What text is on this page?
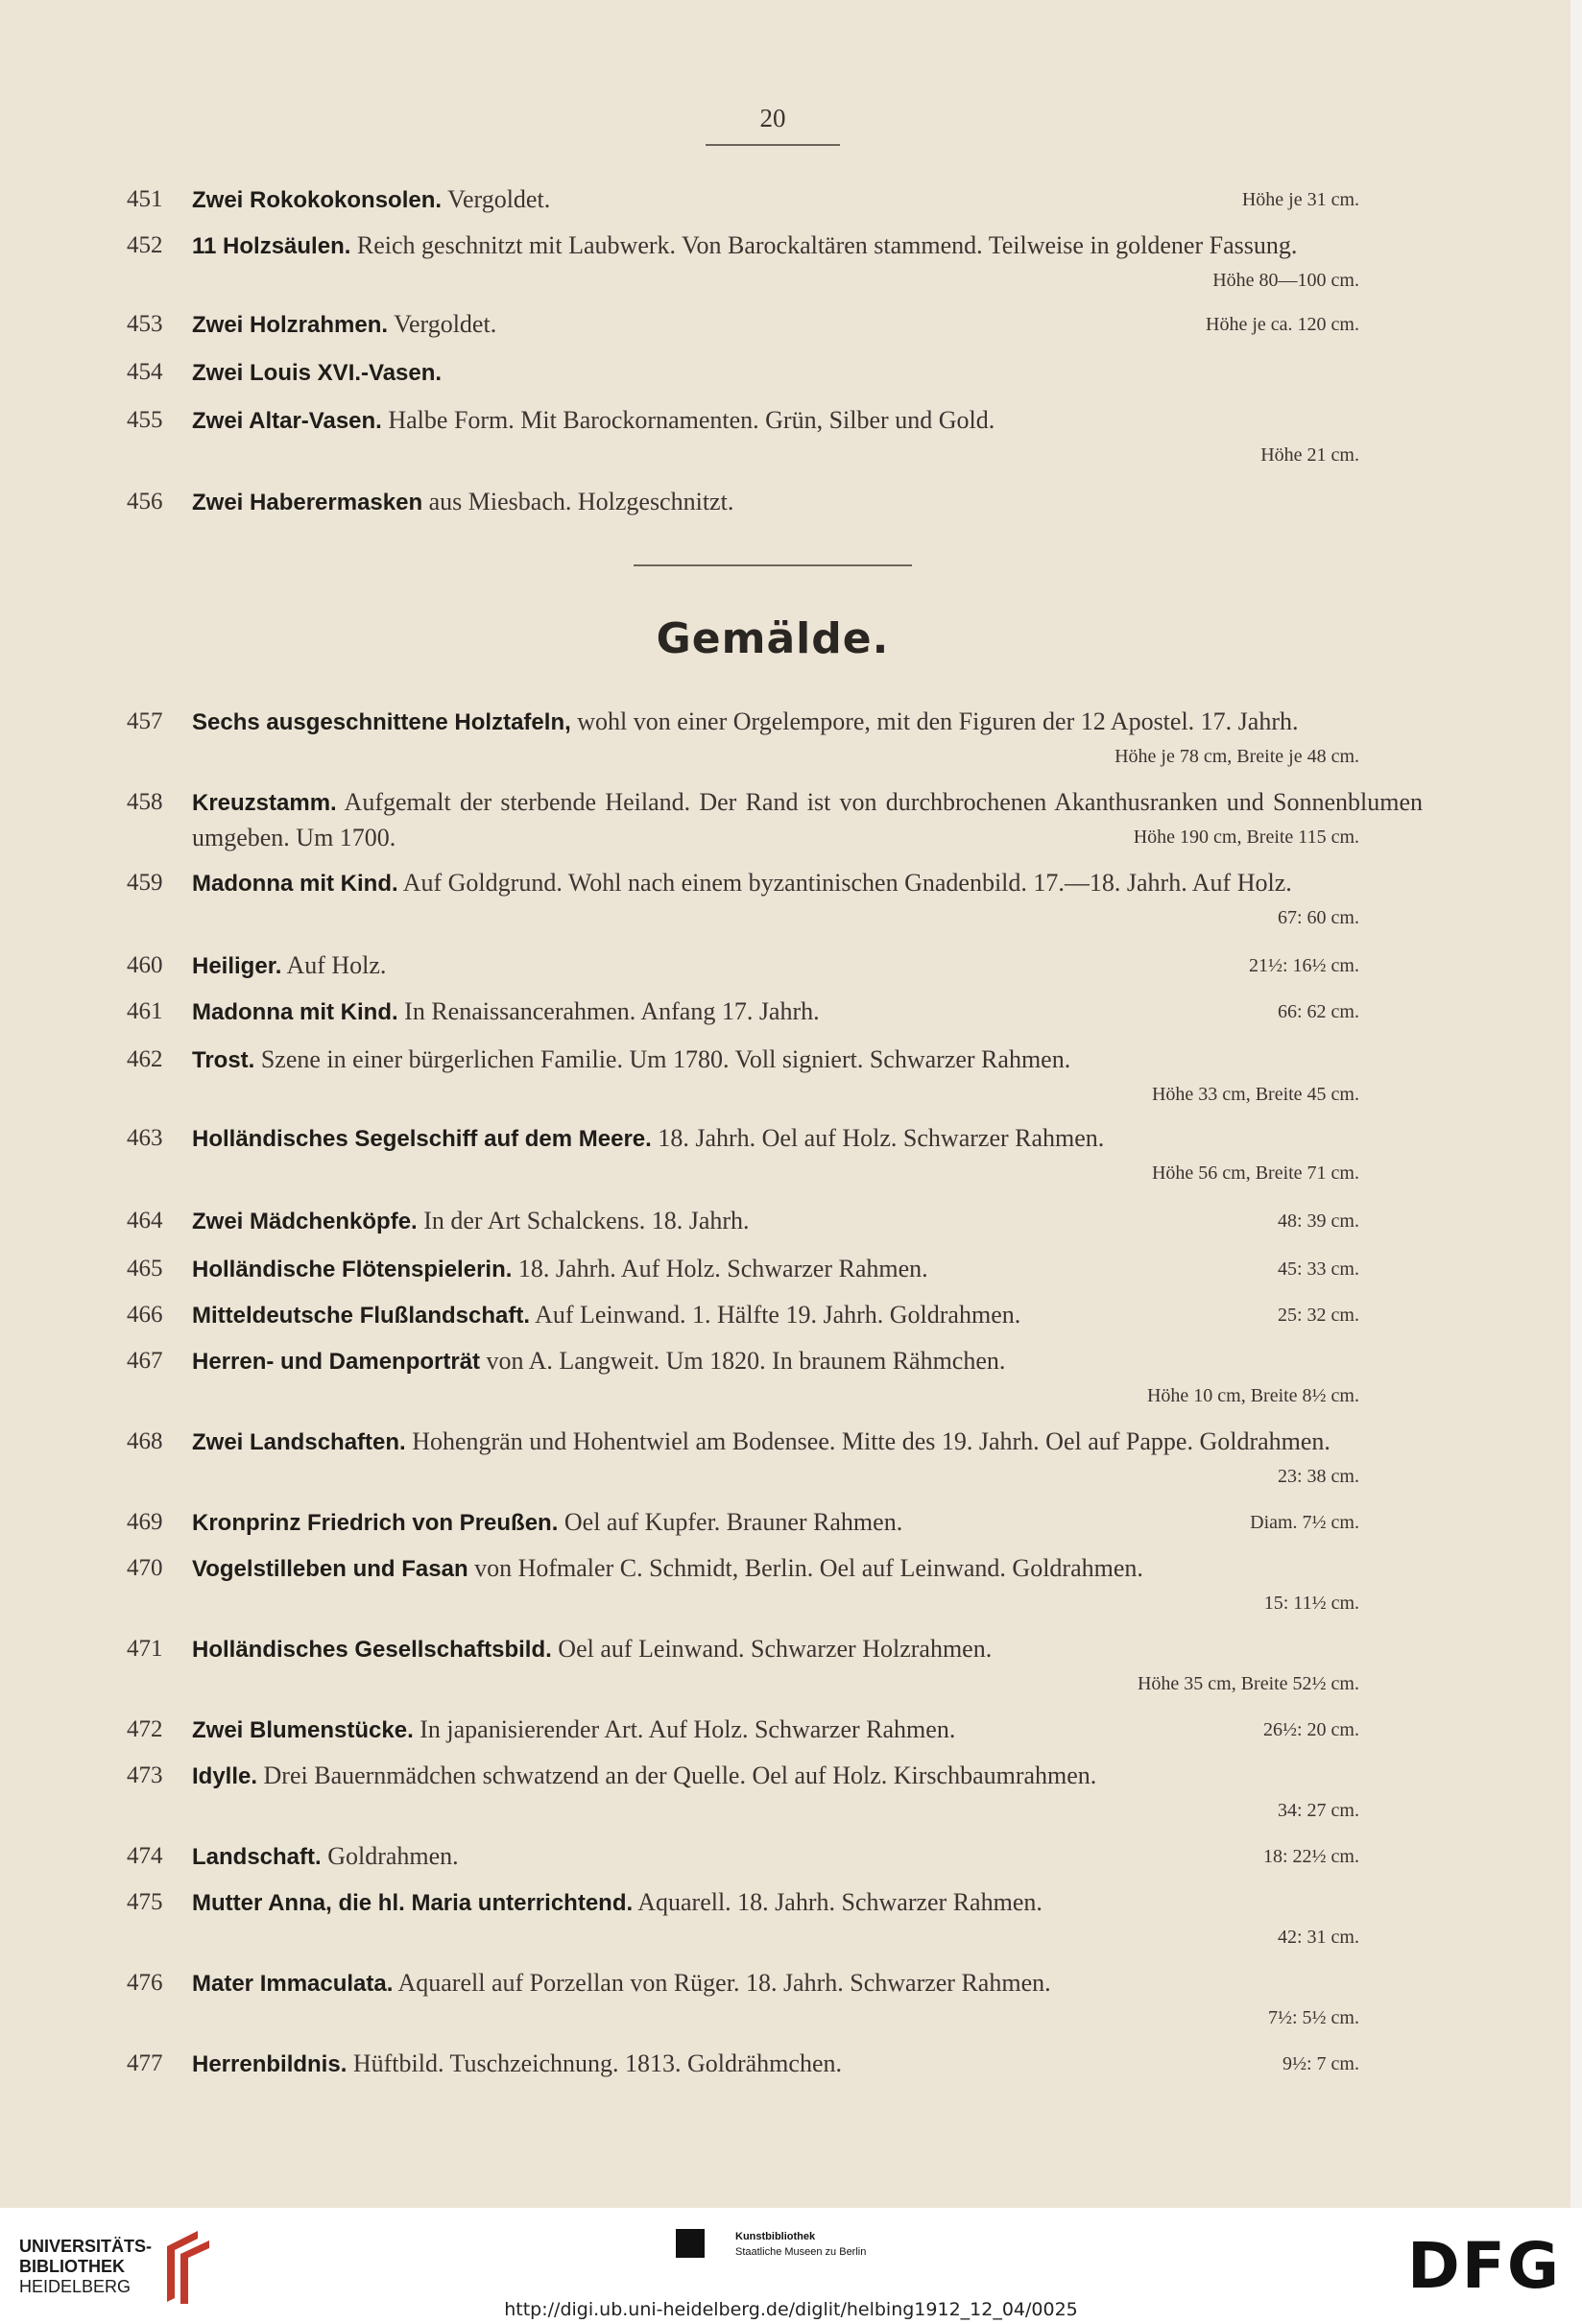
20
451	Zwei Rokokokonsolen. Vergoldet.	Höhe je 31 cm.
452	11 Holzsäulen. Reich geschnitzt mit Laubwerk. Von Barockaltären stammend. Teilweise in goldener Fassung.
Höhe 80—100 cm.
453	Zwei Holzrahmen. Vergoldet.	Höhe je ca. 120 cm.
454	Zwei Louis XVI.-Vasen.
455	Zwei Altar-Vasen. Halbe Form. Mit Barockornamenten. Grün, Silber und Gold.
Höhe 21 cm.
456	Zwei Haberermasken aus Miesbach. Holzgeschnitzt.
Gemälde.
457	Sechs ausgeschnittene Holztafeln, wohl von einer Orgelempore, mit den Figuren der 12 Apostel. 17. Jahrh.
Höhe je 78 cm, Breite je 48 cm.
458	Kreuzstamm. Aufgemalt der sterbende Heiland. Der Rand ist von durchbrochenen Akanthusranken und Sonnenblumen umgeben. Um 1700.	Höhe 190 cm, Breite 115 cm.
459	Madonna mit Kind. Auf Goldgrund. Wohl nach einem byzantinischen Gnadenbild. 17.—18. Jahrh. Auf Holz.
67: 60 cm.
460	Heiliger. Auf Holz.	21½: 16½ cm.
461	Madonna mit Kind. In Renaissancerahmen. Anfang 17. Jahrh.	66: 62 cm.
462	Trost. Szene in einer bürgerlichen Familie. Um 1780. Voll signiert. Schwarzer Rahmen.
Höhe 33 cm, Breite 45 cm.
463	Holländisches Segelschiff auf dem Meere. 18. Jahrh. Oel auf Holz. Schwarzer Rahmen.
Höhe 56 cm, Breite 71 cm.
464	Zwei Mädchenköpfe. In der Art Schalckens. 18. Jahrh.	48: 39 cm.
465	Holländische Flötenspielerin. 18. Jahrh. Auf Holz. Schwarzer Rahmen.	45: 33 cm.
466	Mitteldeutsche Flußlandschaft. Auf Leinwand. 1. Hälfte 19. Jahrh. Goldrahmen.	25: 32 cm.
467	Herren- und Damenporträt von A. Langweit. Um 1820. In braunem Rähmchen.
Höhe 10 cm, Breite 8½ cm.
468	Zwei Landschaften. Hohengrän und Hohentwiel am Bodensee. Mitte des 19. Jahrh. Oel auf Pappe. Goldrahmen.
23: 38 cm.
469	Kronprinz Friedrich von Preußen. Oel auf Kupfer. Brauner Rahmen.	Diam. 7½ cm.
470	Vogelstilleben und Fasan von Hofmaler C. Schmidt, Berlin. Oel auf Leinwand. Goldrahmen.
15: 11½ cm.
471	Holländisches Gesellschaftsbild. Oel auf Leinwand. Schwarzer Holzrahmen.
Höhe 35 cm, Breite 52½ cm.
472	Zwei Blumenstücke. In japanisierender Art. Auf Holz. Schwarzer Rahmen.	26½: 20 cm.
473	Idylle. Drei Bauernmädchen schwatzend an der Quelle. Oel auf Holz. Kirschbaumrahmen.
34: 27 cm.
474	Landschaft. Goldrahmen.	18: 22½ cm.
475	Mutter Anna, die hl. Maria unterrichtend. Aquarell. 18. Jahrh. Schwarzer Rahmen.
42: 31 cm.
476	Mater Immaculata. Aquarell auf Porzellan von Rüger. 18. Jahrh. Schwarzer Rahmen.
7½: 5½ cm.
477	Herrenbildnis. Hüftbild. Tuschzeichnung. 1813. Goldrähmchen.	9½: 7 cm.
UNIVERSITÄTS-
BIBLIOTHEK
HEIDELBERG
Kunstbibliothek
Staatliche Museen zu Berlin	DFG
http://digi.ub.uni-heidelberg.de/diglit/helbing1912_12_04/0025
